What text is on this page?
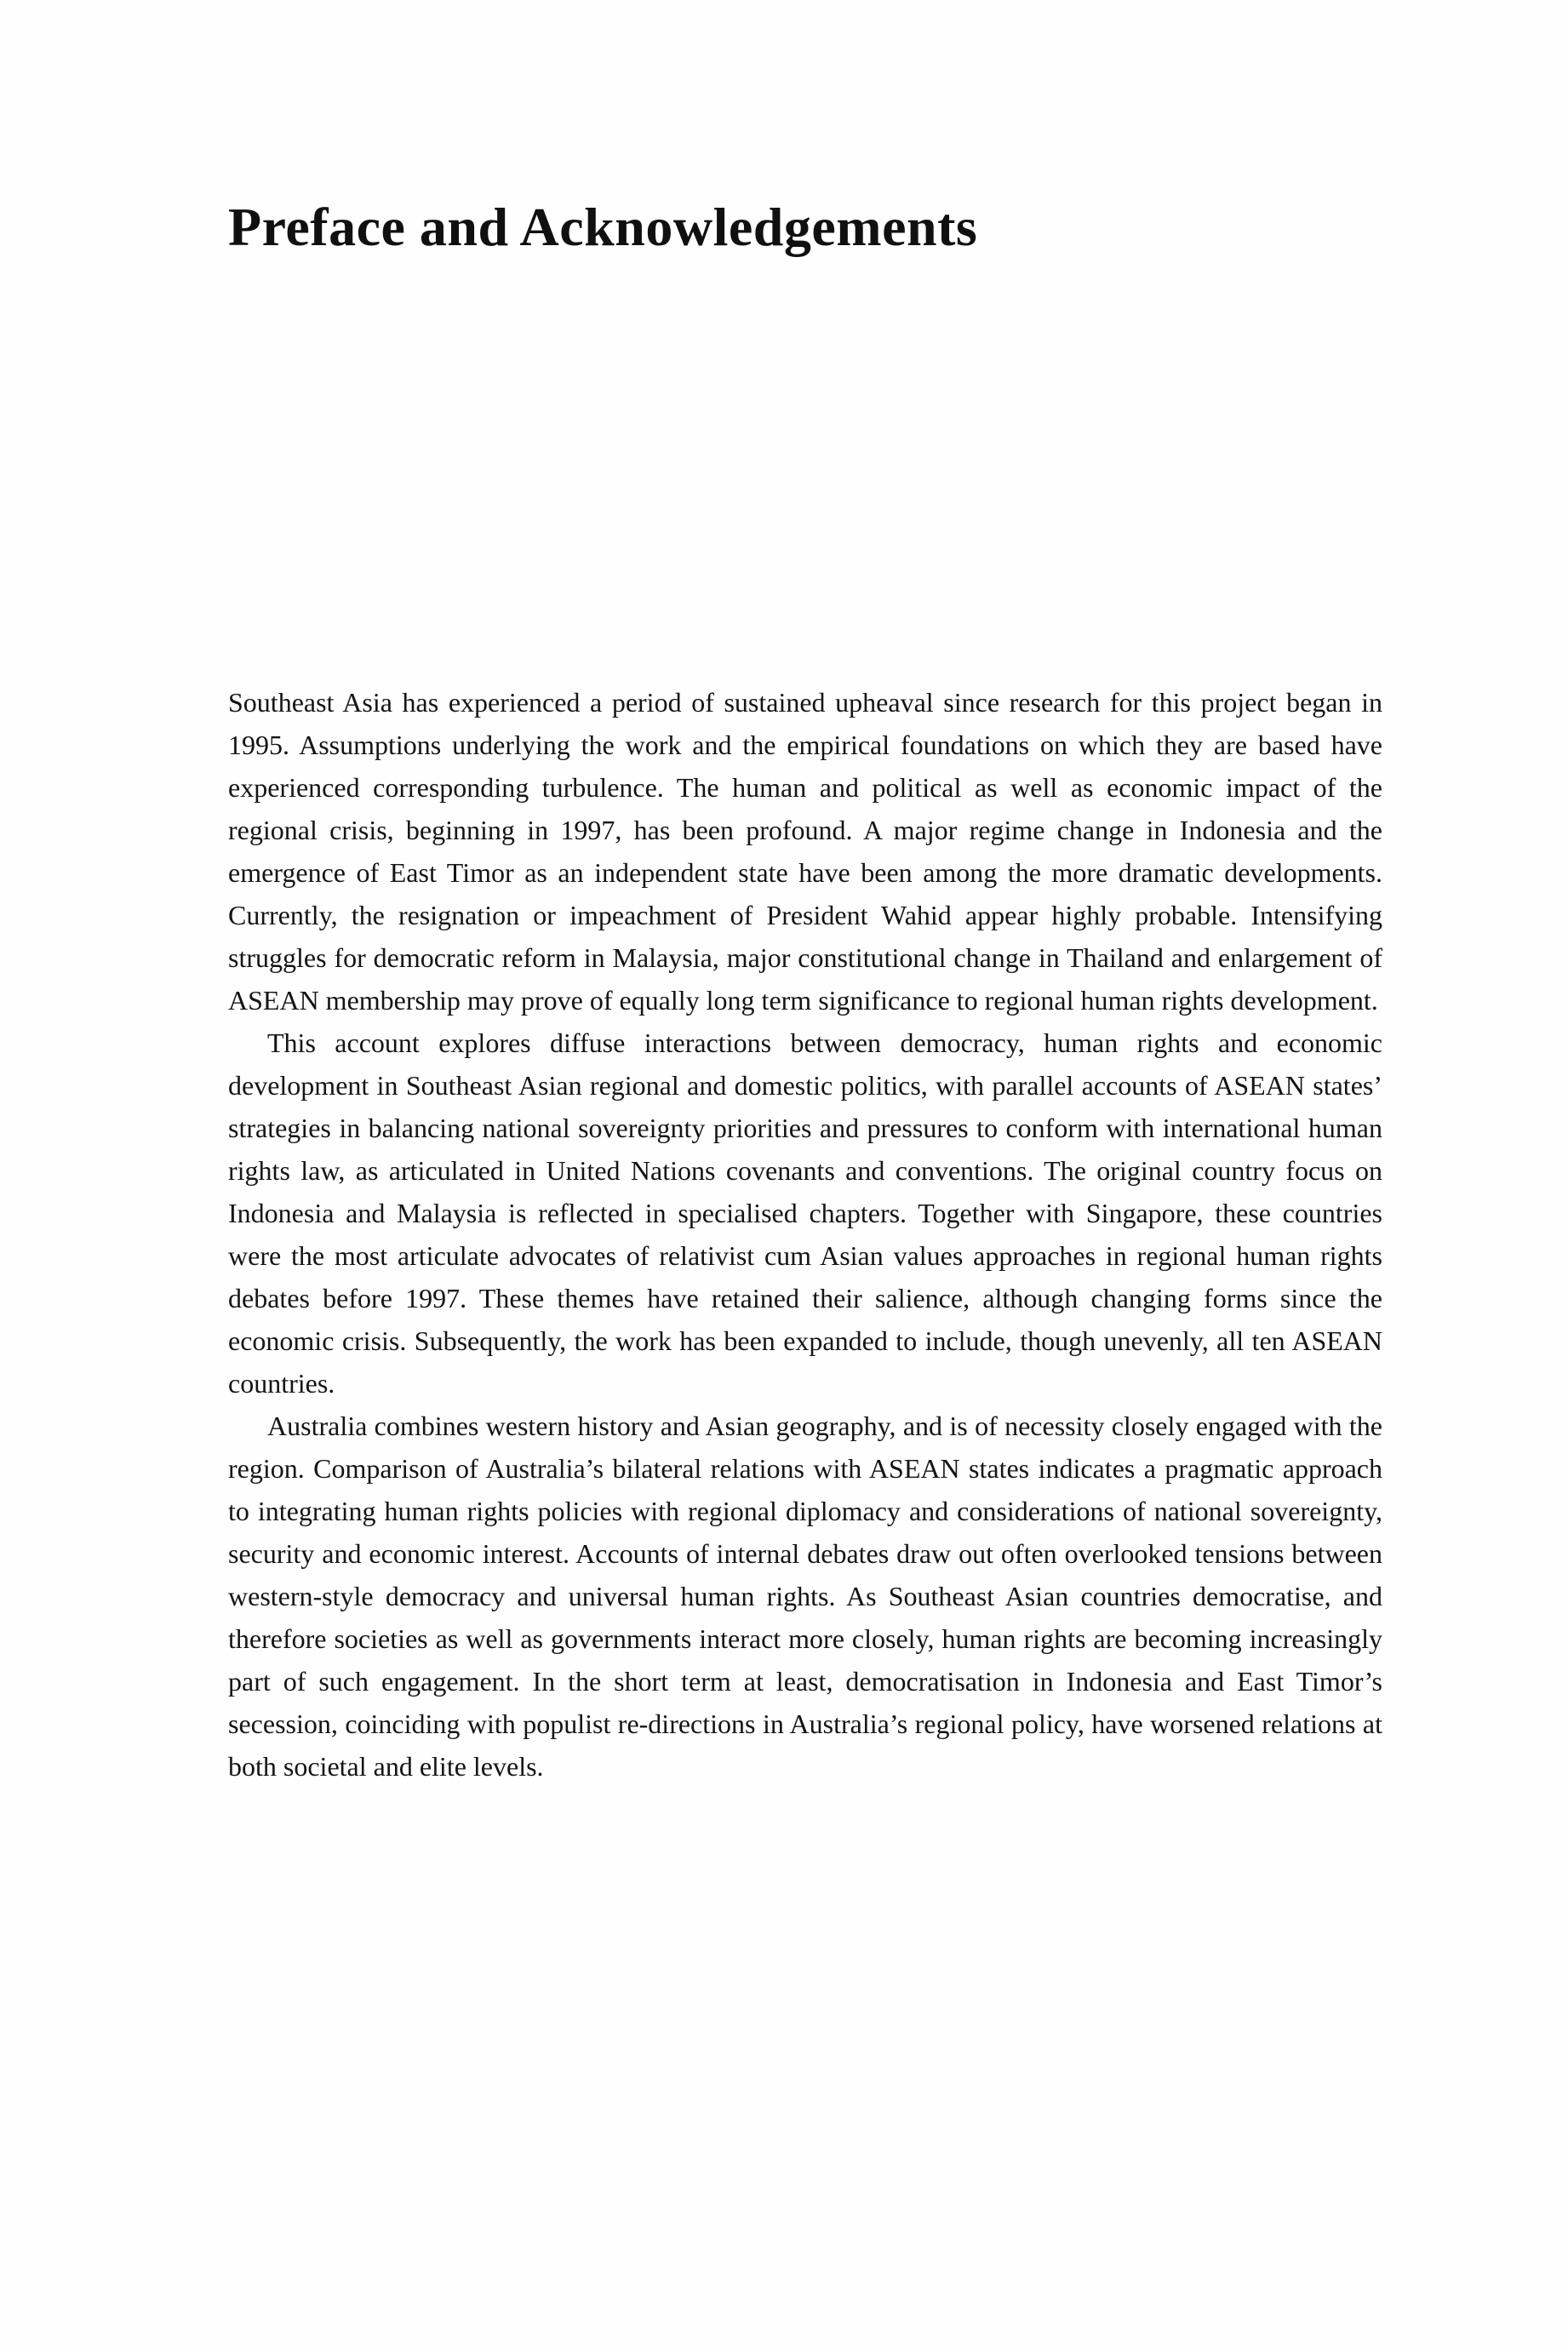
Preface and Acknowledgements

Southeast Asia has experienced a period of sustained upheaval since research for this project began in 1995. Assumptions underlying the work and the empirical foundations on which they are based have experienced corresponding turbulence. The human and political as well as economic impact of the regional crisis, beginning in 1997, has been profound. A major regime change in Indonesia and the emergence of East Timor as an independent state have been among the more dramatic developments. Currently, the resignation or impeachment of President Wahid appear highly probable. Intensifying struggles for democratic reform in Malaysia, major constitutional change in Thailand and enlargement of ASEAN membership may prove of equally long term significance to regional human rights development.

This account explores diffuse interactions between democracy, human rights and economic development in Southeast Asian regional and domestic politics, with parallel accounts of ASEAN states’ strategies in balancing national sovereignty priorities and pressures to conform with international human rights law, as articulated in United Nations covenants and conventions. The original country focus on Indonesia and Malaysia is reflected in specialised chapters. Together with Singapore, these countries were the most articulate advocates of relativist cum Asian values approaches in regional human rights debates before 1997. These themes have retained their salience, although changing forms since the economic crisis. Subsequently, the work has been expanded to include, though unevenly, all ten ASEAN countries.

Australia combines western history and Asian geography, and is of necessity closely engaged with the region. Comparison of Australia’s bilateral relations with ASEAN states indicates a pragmatic approach to integrating human rights policies with regional diplomacy and considerations of national sovereignty, security and economic interest. Accounts of internal debates draw out often overlooked tensions between western-style democracy and universal human rights. As Southeast Asian countries democratise, and therefore societies as well as governments interact more closely, human rights are becoming increasingly part of such engagement. In the short term at least, democratisation in Indonesia and East Timor’s secession, coinciding with populist re-directions in Australia’s regional policy, have worsened relations at both societal and elite levels.
